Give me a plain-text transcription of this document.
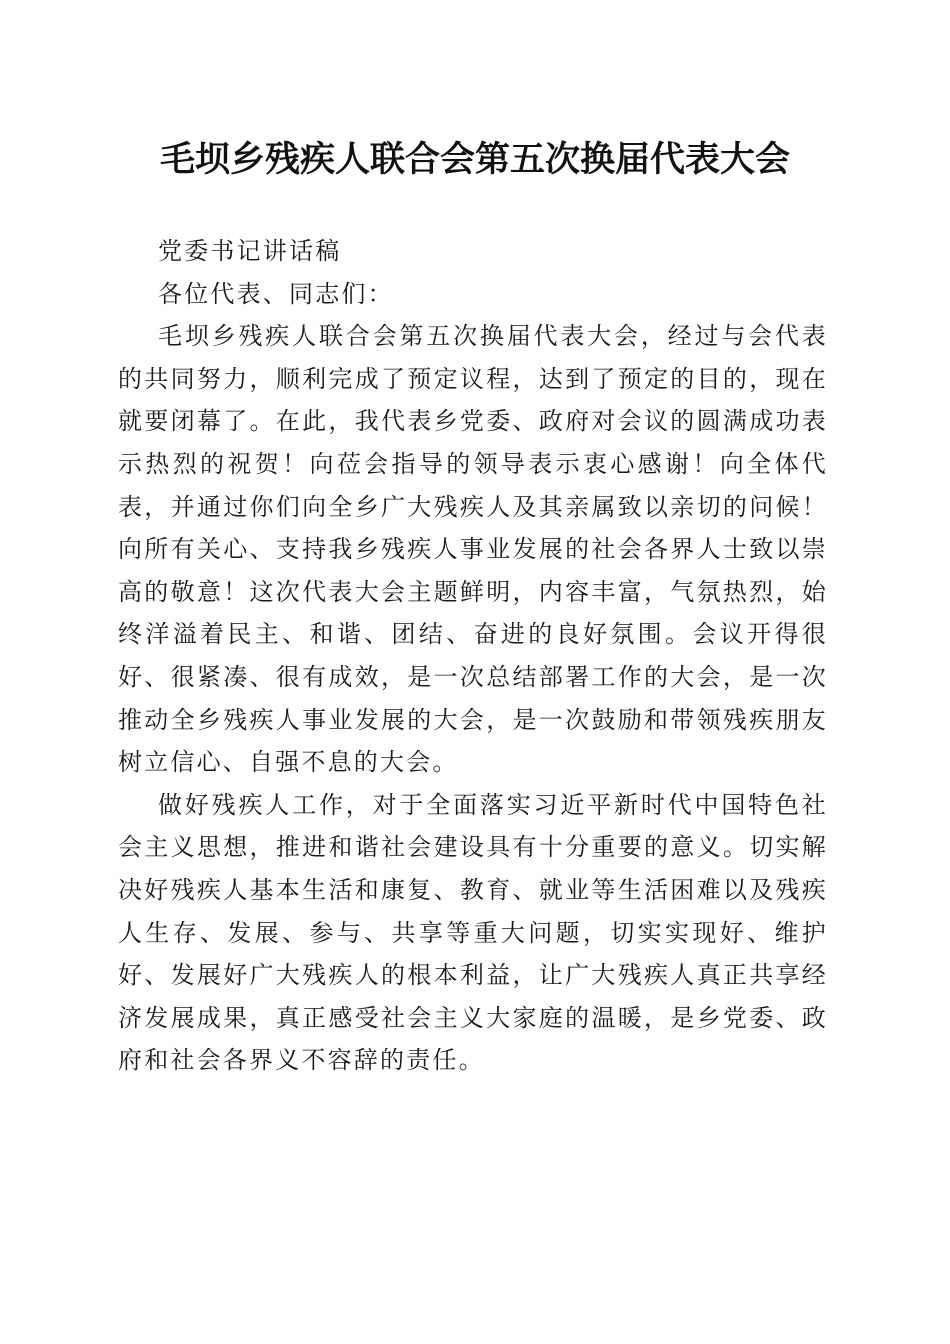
毛坝乡残疾人联合会第五次换届代表大会

党委书记讲话稿

各位代表、同志们：

毛坝乡残疾人联合会第五次换届代表大会，经过与会代表的共同努力，顺利完成了预定议程，达到了预定的目的，现在就要闭幕了。在此，我代表乡党委、政府对会议的圆满成功表示热烈的祝贺！向莅会指导的领导表示衷心感谢！向全体代表，并通过你们向全乡广大残疾人及其亲属致以亲切的问候！向所有关心、支持我乡残疾人事业发展的社会各界人士致以崇高的敬意！这次代表大会主题鲜明，内容丰富，气氛热烈，始终洋溢着民主、和谐、团结、奋进的良好氛围。会议开得很好、很紧凑、很有成效，是一次总结部署工作的大会，是一次推动全乡残疾人事业发展的大会，是一次鼓励和带领残疾朋友树立信心、自强不息的大会。

做好残疾人工作，对于全面落实习近平新时代中国特色社会主义思想，推进和谐社会建设具有十分重要的意义。切实解决好残疾人基本生活和康复、教育、就业等生活困难以及残疾人生存、发展、参与、共享等重大问题，切实实现好、维护好、发展好广大残疾人的根本利益，让广大残疾人真正共享经济发展成果，真正感受社会主义大家庭的温暖，是乡党委、政府和社会各界义不容辞的责任。
